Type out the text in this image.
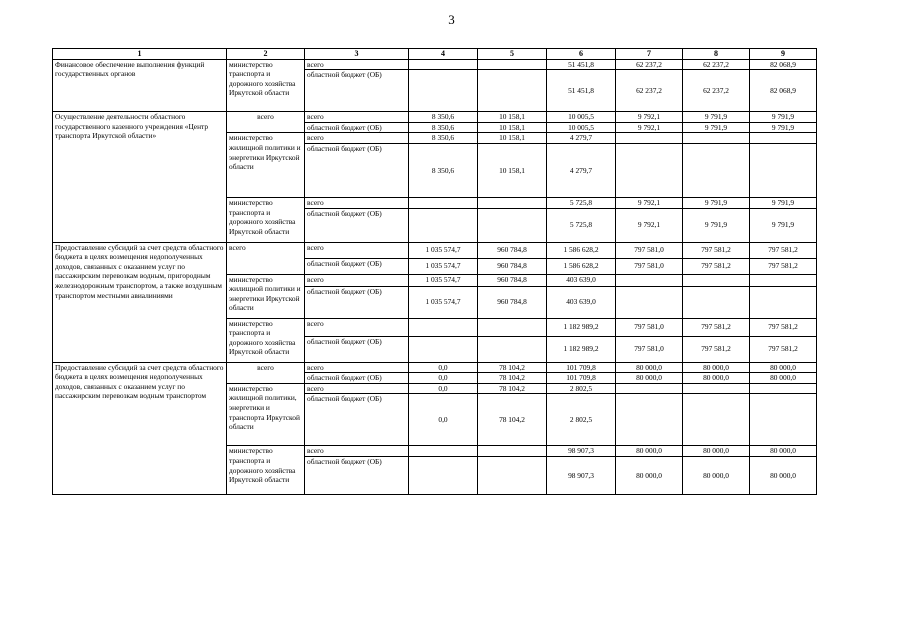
3
1	2	3	4	5	6	7	8	9
Финансовое обеспечение выполнения функций государственных органов	министерство транспорта и дорожного хозяйства Иркутской области	всего			51 451,8	62 237,2	62 237,2	82 068,9
		областной бюджет (ОБ)			51 451,8	62 237,2	62 237,2	82 068,9
Осуществление деятельности областного государственного казенного учреждения «Центр транспорта Иркутской области»	всего	всего	8 350,6	10 158,1	10 005,5	9 792,1	9 791,9	9 791,9
		областной бюджет (ОБ)	8 350,6	10 158,1	10 005,5	9 792,1	9 791,9	9 791,9
	министерство жилищной политики и энергетики Иркутской области	всего	8 350,6	10 158,1	4 279,7			
		областной бюджет (ОБ)	8 350,6	10 158,1	4 279,7			
	министерство транспорта и дорожного хозяйства Иркутской области	всего			5 725,8	9 792,1	9 791,9	9 791,9
		областной бюджет (ОБ)			5 725,8	9 792,1	9 791,9	9 791,9
Предоставление субсидий за счет средств областного бюджета в целях возмещения недополученных доходов, связанных с оказанием услуг по пассажирским перевозкам водным, пригородным железнодорожным транспортом, а также воздушным транспортом местными авиалиниями	всего	всего	1 035 574,7	960 784,8	1 586 628,2	797 581,0	797 581,2	797 581,2
		областной бюджет (ОБ)	1 035 574,7	960 784,8	1 586 628,2	797 581,0	797 581,2	797 581,2
	министерство жилищной политики и энергетики Иркутской области	всего	1 035 574,7	960 784,8	403 639,0			
		областной бюджет (ОБ)	1 035 574,7	960 784,8	403 639,0			
	министерство транспорта и дорожного хозяйства Иркутской области	всего			1 182 989,2	797 581,0	797 581,2	797 581,2
		областной бюджет (ОБ)			1 182 989,2	797 581,0	797 581,2	797 581,2
Предоставление субсидий за счет средств областного бюджета в целях возмещения недополученных доходов, связанных с оказанием услуг по пассажирским перевозкам водным транспортом	всего	всего	0,0	78 104,2	101 709,8	80 000,0	80 000,0	80 000,0
		областной бюджет (ОБ)	0,0	78 104,2	101 709,8	80 000,0	80 000,0	80 000,0
	министерство жилищной политики, энергетики и транспорта Иркутской области	всего	0,0	78 104,2	2 802,5			
		областной бюджет (ОБ)	0,0	78 104,2	2 802,5			
	министерство транспорта и дорожного хозяйства Иркутской области	всего			98 907,3	80 000,0	80 000,0	80 000,0
		областной бюджет (ОБ)			98 907,3	80 000,0	80 000,0	80 000,0
